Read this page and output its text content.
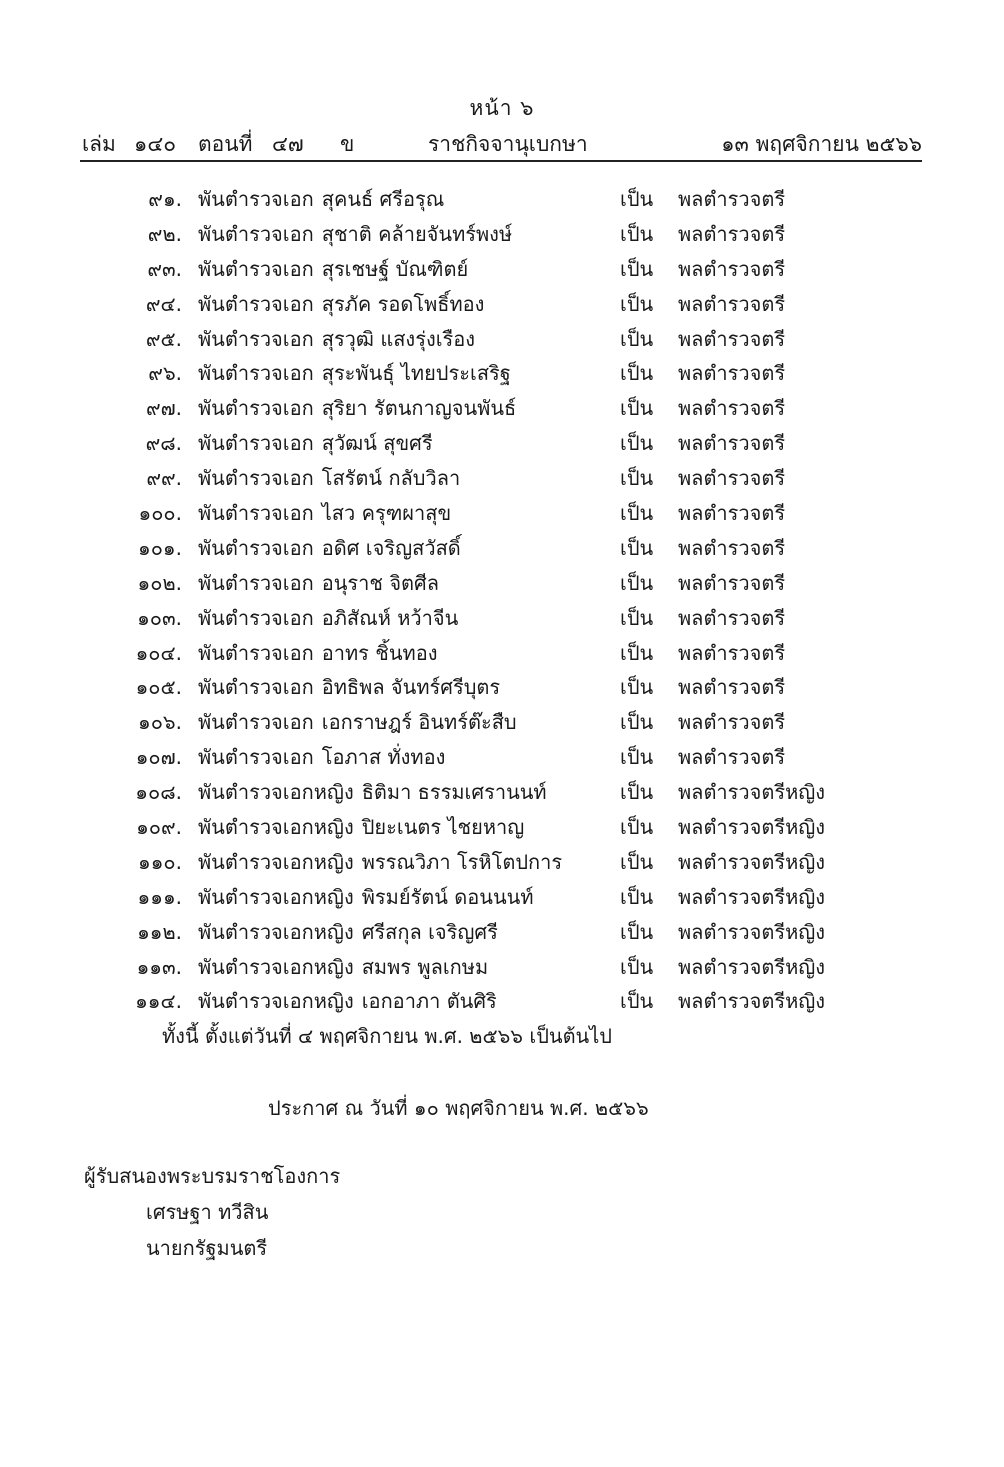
หน้า ๖
เล่ม ๑๔๐ ตอนที่ ๔๗ ข	ราชกิจจานุเบกษา	๑๓ พฤศจิกายน ๒๕๖๖
๙๑. พันตำรวจเอก สุคนธ์ ศรีอรุณ	เป็น พลตำรวจตรี
๙๒. พันตำรวจเอก สุชาติ คล้ายจันทร์พงษ์	เป็น พลตำรวจตรี
๙๓. พันตำรวจเอก สุรเชษฐ์ บัณฑิตย์	เป็น พลตำรวจตรี
๙๔. พันตำรวจเอก สุรภัค รอดโพธิ์ทอง	เป็น พลตำรวจตรี
๙๕. พันตำรวจเอก สุรวุฒิ แสงรุ่งเรือง	เป็น พลตำรวจตรี
๙๖. พันตำรวจเอก สุระพันธุ์ ไทยประเสริฐ	เป็น พลตำรวจตรี
๙๗. พันตำรวจเอก สุริยา รัตนกาญจนพันธ์	เป็น พลตำรวจตรี
๙๘. พันตำรวจเอก สุวัฒน์ สุขศรี	เป็น พลตำรวจตรี
๙๙. พันตำรวจเอก โสรัตน์ กลับวิลา	เป็น พลตำรวจตรี
๑๐๐. พันตำรวจเอก ไสว ครุฑผาสุข	เป็น พลตำรวจตรี
๑๐๑. พันตำรวจเอก อดิศ เจริญสวัสดิ์	เป็น พลตำรวจตรี
๑๐๒. พันตำรวจเอก อนุราช จิตศีล	เป็น พลตำรวจตรี
๑๐๓. พันตำรวจเอก อภิสัณห์ หว้าจีน	เป็น พลตำรวจตรี
๑๐๔. พันตำรวจเอก อาทร ชิ้นทอง	เป็น พลตำรวจตรี
๑๐๕. พันตำรวจเอก อิทธิพล จันทร์ศรีบุตร	เป็น พลตำรวจตรี
๑๐๖. พันตำรวจเอก เอกราษฎร์ อินทร์ต๊ะสืบ	เป็น พลตำรวจตรี
๑๐๗. พันตำรวจเอก โอภาส ทั่งทอง	เป็น พลตำรวจตรี
๑๐๘. พันตำรวจเอกหญิง ธิติมา ธรรมเศรานนท์	เป็น พลตำรวจตรีหญิง
๑๐๙. พันตำรวจเอกหญิง ปิยะเนตร ไชยหาญ	เป็น พลตำรวจตรีหญิง
๑๑๐. พันตำรวจเอกหญิง พรรณวิภา โรหิโตปการ	เป็น พลตำรวจตรีหญิง
๑๑๑. พันตำรวจเอกหญิง พิรมย์รัตน์ ดอนนนท์	เป็น พลตำรวจตรีหญิง
๑๑๒. พันตำรวจเอกหญิง ศรีสกุล เจริญศรี	เป็น พลตำรวจตรีหญิง
๑๑๓. พันตำรวจเอกหญิง สมพร พูลเกษม	เป็น พลตำรวจตรีหญิง
๑๑๔. พันตำรวจเอกหญิง เอกอาภา ตันศิริ	เป็น พลตำรวจตรีหญิง
ทั้งนี้ ตั้งแต่วันที่ ๔ พฤศจิกายน พ.ศ. ๒๕๖๖ เป็นต้นไป
ประกาศ ณ วันที่ ๑๐ พฤศจิกายน พ.ศ. ๒๕๖๖
ผู้รับสนองพระบรมราชโองการ
เศรษฐา ทวีสิน
นายกรัฐมนตรี
